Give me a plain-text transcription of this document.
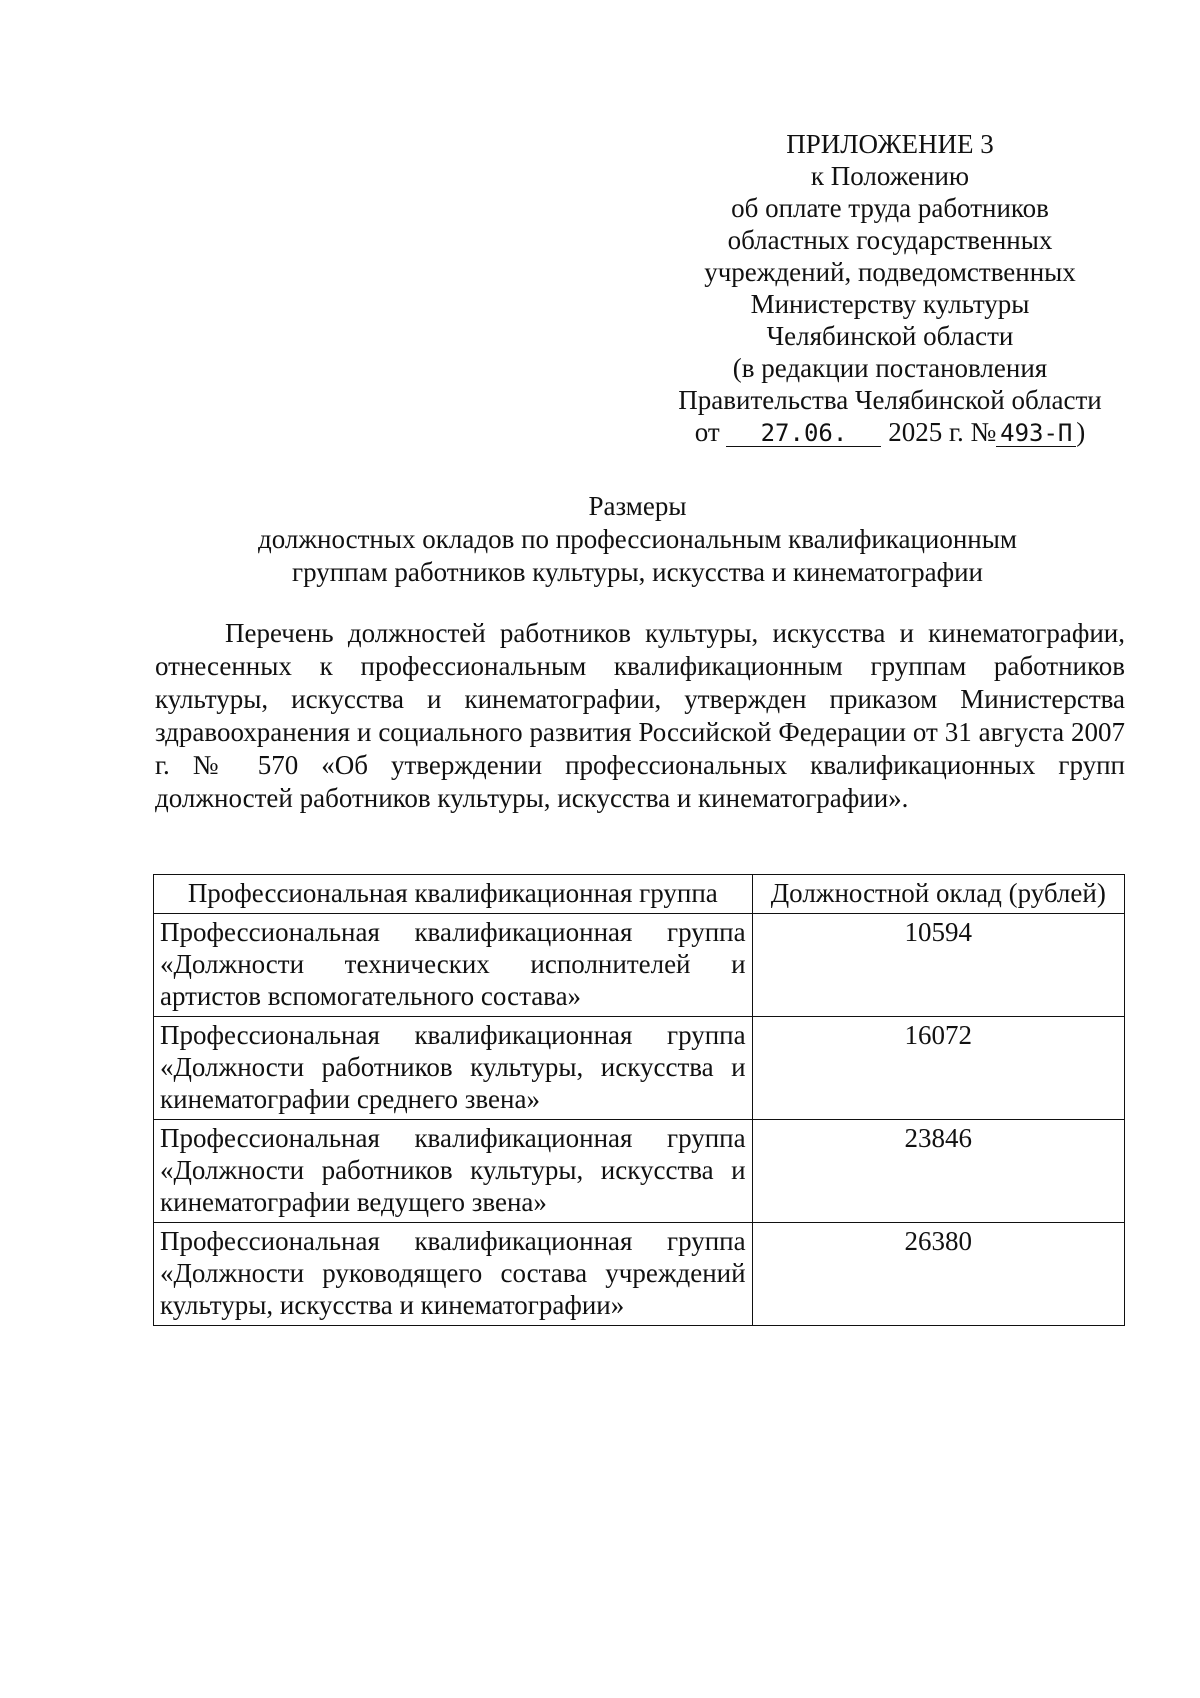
ПРИЛОЖЕНИЕ 3
к Положению
об оплате труда работников
областных государственных
учреждений, подведомственных
Министерству культуры
Челябинской области
(в редакции постановления
Правительства Челябинской области
от 27.06. 2025 г. № 493-П )
Размеры
должностных окладов по профессиональным квалификационным
группам работников культуры, искусства и кинематографии

Перечень должностей работников культуры, искусства и кинематографии, отнесенных к профессиональным квалификационным группам работников культуры, искусства и кинематографии, утвержден приказом Министерства здравоохранения и социального развития Российской Федерации от 31 августа 2007 г. № 570 «Об утверждении профессиональных квалификационных групп должностей работников культуры, искусства и кинематографии».

Профессиональная квалификационная группа	Должностной оклад (рублей)
Профессиональная квалификационная группа «Должности технических исполнителей и артистов вспомогательного состава»	10594
Профессиональная квалификационная группа «Должности работников культуры, искусства и кинематографии среднего звена»	16072
Профессиональная квалификационная группа «Должности работников культуры, искусства и кинематографии ведущего звена»	23846
Профессиональная квалификационная группа «Должности руководящего состава учреждений культуры, искусства и кинематографии»	26380
